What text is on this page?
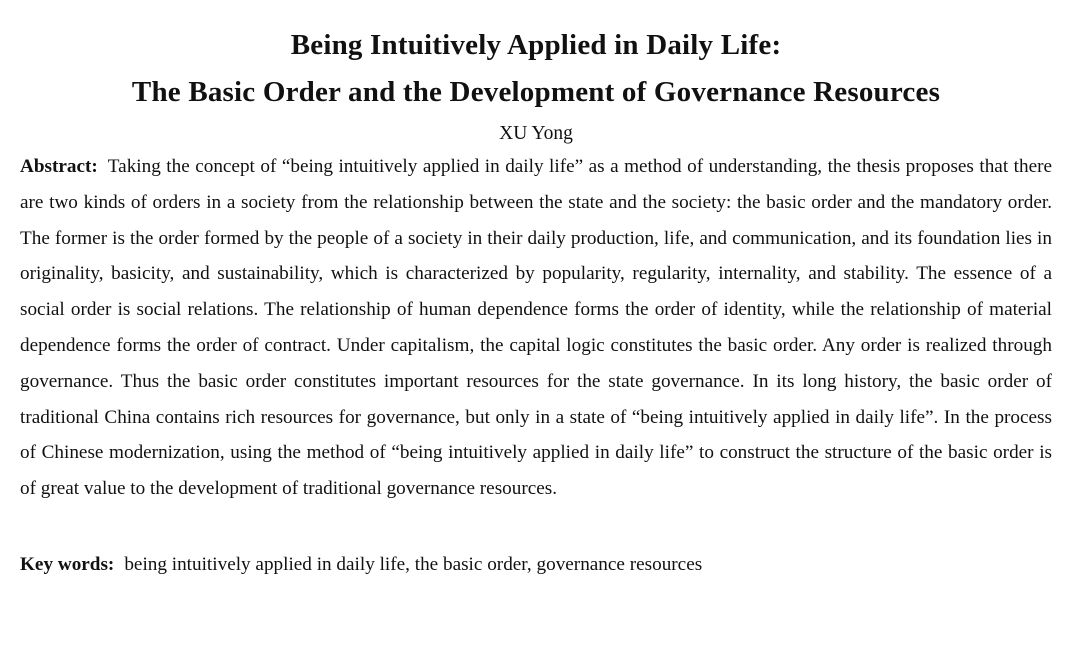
Being Intuitively Applied in Daily Life:
The Basic Order and the Development of Governance Resources
XU Yong
Abstract: Taking the concept of “being intuitively applied in daily life” as a method of understanding, the thesis proposes that there are two kinds of orders in a society from the relationship between the state and the society: the basic order and the mandatory order. The former is the order formed by the people of a society in their daily production, life, and communication, and its foundation lies in originality, basicity, and sustainability, which is characterized by popularity, regularity, internality, and stability. The essence of a social order is social relations. The relationship of human dependence forms the order of identity, while the relationship of material dependence forms the order of contract. Under capitalism, the capital logic constitutes the basic order. Any order is realized through governance. Thus the basic order constitutes important resources for the state governance. In its long history, the basic order of traditional China contains rich resources for governance, but only in a state of “being intuitively applied in daily life”. In the process of Chinese modernization, using the method of “being intuitively applied in daily life” to construct the structure of the basic order is of great value to the development of traditional governance resources.
Key words: being intuitively applied in daily life, the basic order, governance resources
